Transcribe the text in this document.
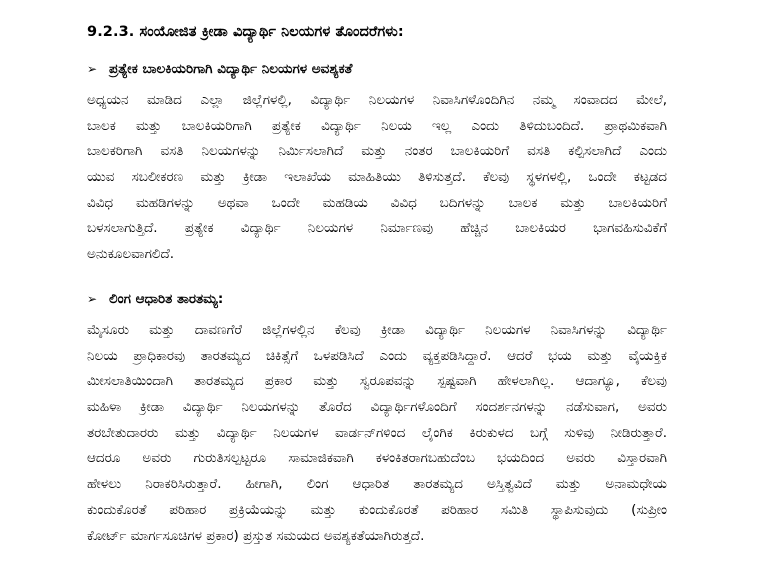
9.2.3. ಸಂಯೋಜಿತ ಕ್ರೀಡಾ ವಿದ್ಯಾರ್ಥಿ ನಿಲಯಗಳ ತೊಂದರೆಗಳು:
➢ ಪ್ರತ್ಯೇಕ ಬಾಲಕಿಯರಿಗಾಗಿ ವಿದ್ಯಾರ್ಥಿ ನಿಲಯಗಳ ಅವಶ್ಯಕತೆ
ಅಧ್ಯಯನ ಮಾಡಿದ ಎಲ್ಲಾ ಜಿಲ್ಲೆಗಳಲ್ಲಿ, ವಿದ್ಯಾರ್ಥಿ ನಿಲಯಗಳ ನಿವಾಸಿಗಳೊಂದಿಗಿನ ನಮ್ಮ ಸಂವಾದದ ಮೇಲೆ,
ಬಾಲಕ ಮತ್ತು ಬಾಲಕಿಯರಿಗಾಗಿ ಪ್ರತ್ಯೇಕ ವಿದ್ಯಾರ್ಥಿ ನಿಲಯ ಇಲ್ಲ ಎಂದು ತಿಳಿದುಬಂದಿದೆ. ಪ್ರಾಥಮಿಕವಾಗಿ
ಬಾಲಕರಿಗಾಗಿ ವಸತಿ ನಿಲಯಗಳನ್ನು ನಿರ್ಮಿಸಲಾಗಿದೆ ಮತ್ತು ನಂತರ ಬಾಲಕಿಯರಿಗೆ ವಸತಿ ಕಲ್ಪಿಸಲಾಗಿದೆ ಎಂದು
ಯುವ ಸಬಲೀಕರಣ ಮತ್ತು ಕ್ರೀಡಾ ಇಲಾಖೆಯ ಮಾಹಿತಿಯು ತಿಳಿಸುತ್ತದೆ. ಕೆಲವು ಸ್ಥಳಗಳಲ್ಲಿ, ಒಂದೇ ಕಟ್ಟಡದ
ವಿವಿಧ ಮಹಡಿಗಳನ್ನು ಅಥವಾ ಒಂದೇ ಮಹಡಿಯ ವಿವಿಧ ಬದಿಗಳನ್ನು ಬಾಲಕ ಮತ್ತು ಬಾಲಕಿಯರಿಗೆ
ಬಳಸಲಾಗುತ್ತಿದೆ. ಪ್ರತ್ಯೇಕ ವಿದ್ಯಾರ್ಥಿ ನಿಲಯಗಳ ನಿರ್ಮಾಣವು ಹೆಚ್ಚಿನ ಬಾಲಕಿಯರ ಭಾಗವಹಿಸುವಿಕೆಗೆ
ಅನುಕೂಲವಾಗಲಿದೆ.
➢ ಲಿಂಗ ಆಧಾರಿತ ತಾರತಮ್ಯ:
ಮೈಸೂರು ಮತ್ತು ದಾವಣಗೆರೆ ಜಿಲ್ಲೆಗಳಲ್ಲಿನ ಕೆಲವು ಕ್ರೀಡಾ ವಿದ್ಯಾರ್ಥಿ ನಿಲಯಗಳ ನಿವಾಸಿಗಳನ್ನು ವಿದ್ಯಾರ್ಥಿ
ನಿಲಯ ಪ್ರಾಧಿಕಾರವು ತಾರತಮ್ಯದ ಚಿಕಿತ್ಸೆಗೆ ಒಳಪಡಿಸಿದೆ ಎಂದು ವ್ಯಕ್ತಪಡಿಸಿದ್ದಾರೆ. ಆದರೆ ಭಯ ಮತ್ತು ವೈಯಕ್ತಿಕ
ಮೀಸಲಾತಿಯಿಂದಾಗಿ ತಾರತಮ್ಯದ ಪ್ರಕಾರ ಮತ್ತು ಸ್ವರೂಪವನ್ನು ಸ್ಪಷ್ಟವಾಗಿ ಹೇಳಲಾಗಿಲ್ಲ. ಆದಾಗ್ಯೂ, ಕೆಲವು
ಮಹಿಳಾ ಕ್ರೀಡಾ ವಿದ್ಯಾರ್ಥಿ ನಿಲಯಗಳನ್ನು ತೊರೆದ ವಿದ್ಯಾರ್ಥಿಗಳೊಂದಿಗೆ ಸಂದರ್ಶನಗಳನ್ನು ನಡೆಸುವಾಗ, ಅವರು
ತರಬೇತುದಾರರು ಮತ್ತು ವಿದ್ಯಾರ್ಥಿ ನಿಲಯಗಳ ವಾರ್ಡನ್‌ಗಳಿಂದ ಲೈಂಗಿಕ ಕಿರುಕುಳದ ಬಗ್ಗೆ ಸುಳಿವು ನೀಡಿರುತ್ತಾರೆ.
ಆದರೂ ಅವರು ಗುರುತಿಸಲ್ಪಟ್ಟರೂ ಸಾಮಾಜಿಕವಾಗಿ ಕಳಂಕಿತರಾಗಬಹುದೆಂಬ ಭಯದಿಂದ ಅವರು ವಿಸ್ತಾರವಾಗಿ
ಹೇಳಲು ನಿರಾಕರಿಸಿರುತ್ತಾರೆ. ಹೀಗಾಗಿ, ಲಿಂಗ ಆಧಾರಿತ ತಾರತಮ್ಯದ ಅಸ್ತಿತ್ವವಿದೆ ಮತ್ತು ಅನಾಮಧೇಯ
ಕುಂದುಕೊರತೆ ಪರಿಹಾರ ಪ್ರಕ್ರಿಯೆಯನ್ನು ಮತ್ತು ಕುಂದುಕೊರತೆ ಪರಿಹಾರ ಸಮಿತಿ ಸ್ಥಾಪಿಸುವುದು (ಸುಪ್ರೀಂ
ಕೋರ್ಟ್ ಮಾರ್ಗಸೂಚಿಗಳ ಪ್ರಕಾರ) ಪ್ರಸ್ತುತ ಸಮಯದ ಅವಶ್ಯಕತೆಯಾಗಿರುತ್ತದೆ.
